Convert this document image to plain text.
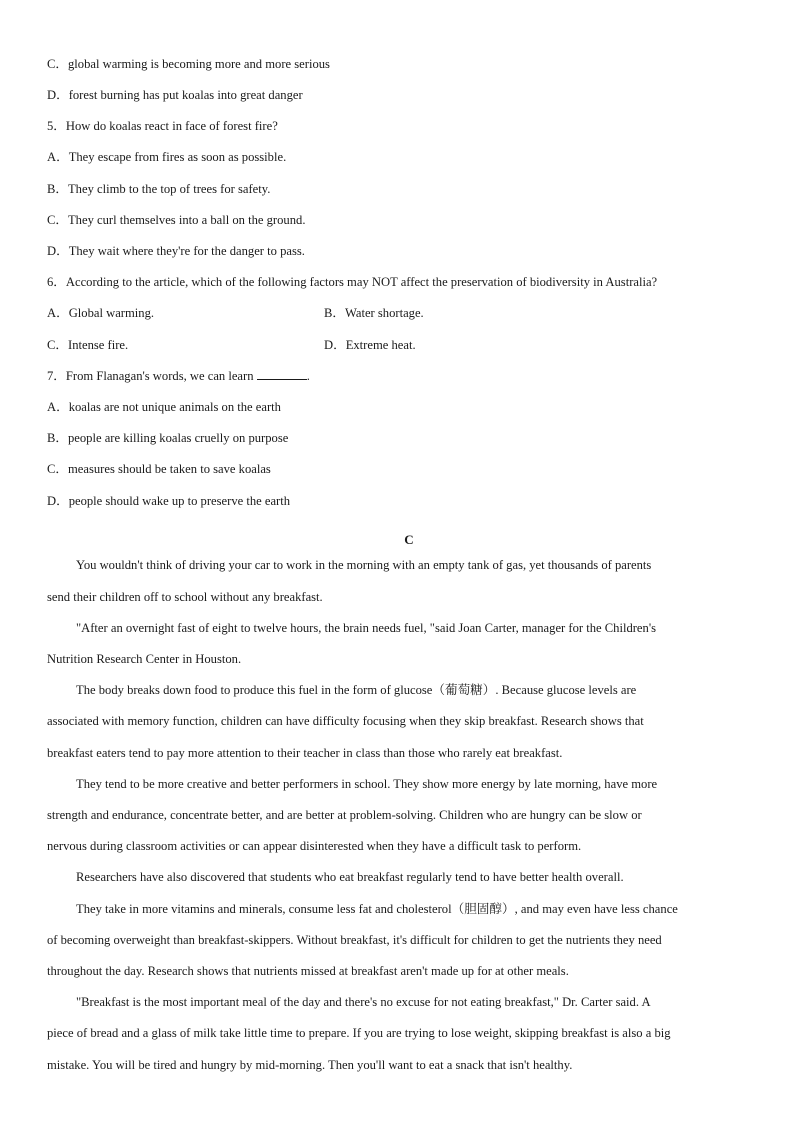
C．global warming is becoming more and more serious
D．forest burning has put koalas into great danger
5．How do koalas react in face of forest fire?
A．They escape from fires as soon as possible.
B．They climb to the top of trees for safety.
C．They curl themselves into a ball on the ground.
D．They wait where they're for the danger to pass.
6．According to the article, which of the following factors may NOT affect the preservation of biodiversity in Australia?
A．Global warming.	B．Water shortage.
C．Intense fire.	D．Extreme heat.
7．From Flanagan's words, we can learn	.
A．koalas are not unique animals on the earth
B．people are killing koalas cruelly on purpose
C．measures should be taken to save koalas
D．people should wake up to preserve the earth
C
You wouldn't think of driving your car to work in the morning with an empty tank of gas, yet thousands of parents
send their children off to school without any breakfast.
"After an overnight fast of eight to twelve hours, the brain needs fuel, "said Joan Carter, manager for the Children's
Nutrition Research Center in Houston.
The body breaks down food to produce this fuel in the form of glucose（葡萄糖）. Because glucose levels are
associated with memory function, children can have difficulty focusing when they skip breakfast. Research shows that
breakfast eaters tend to pay more attention to their teacher in class than those who rarely eat breakfast.
They tend to be more creative and better performers in school. They show more energy by late morning, have more
strength and endurance, concentrate better, and are better at problem-solving. Children who are hungry can be slow or
nervous during classroom activities or can appear disinterested when they have a difficult task to perform.
Researchers have also discovered that students who eat breakfast regularly tend to have better health overall.
They take in more vitamins and minerals, consume less fat and cholesterol（胆固醇）, and may even have less chance
of becoming overweight than breakfast-skippers. Without breakfast, it's difficult for children to get the nutrients they need
throughout the day. Research shows that nutrients missed at breakfast aren't made up for at other meals.
"Breakfast is the most important meal of the day and there's no excuse for not eating breakfast," Dr. Carter said. A
piece of bread and a glass of milk take little time to prepare. If you are trying to lose weight, skipping breakfast is also a big
mistake. You will be tired and hungry by mid-morning. Then you'll want to eat a snack that isn't healthy.
